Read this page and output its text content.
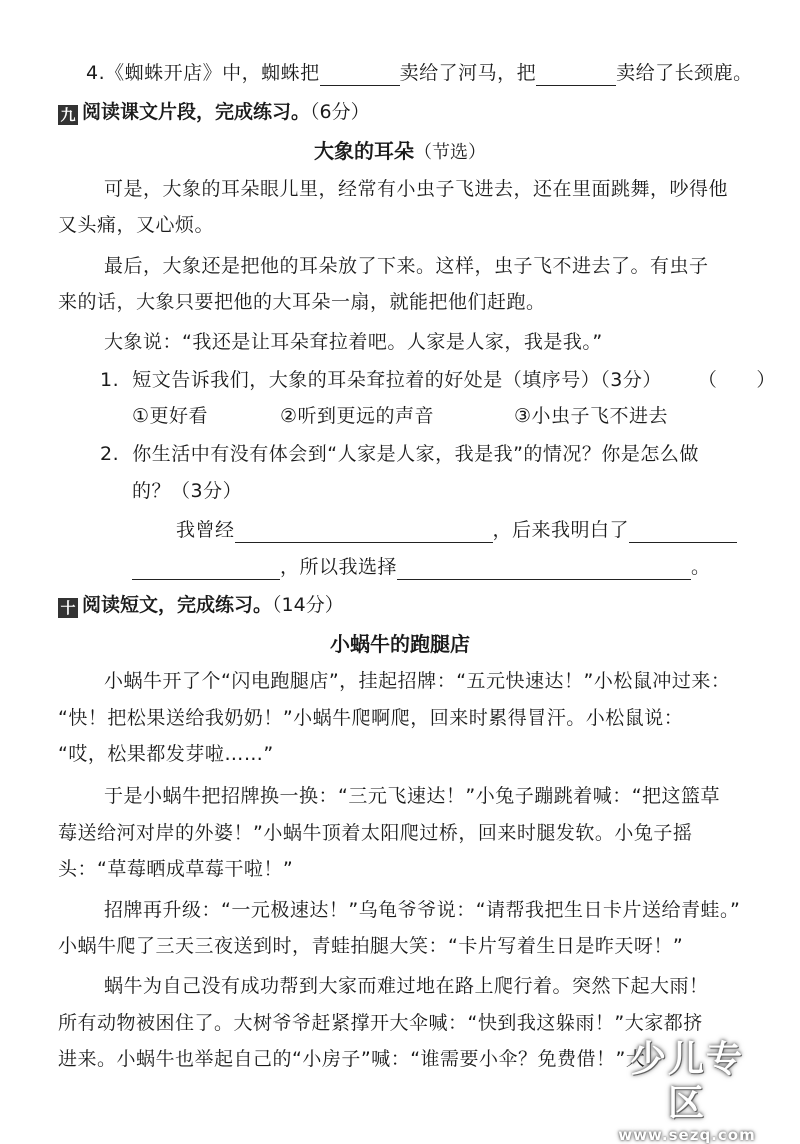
4.《蜘蛛开店》中，蜘蛛把	卖给了河马，把	卖给了长颈鹿。
九 阅读课文片段，完成练习。（6分）
大象的耳朵（节选）
可是，大象的耳朵眼儿里，经常有小虫子飞进去，还在里面跳舞，吵得他
又头痛，又心烦。
最后，大象还是把他的耳朵放了下来。这样，虫子飞不进去了。有虫子
来的话，大象只要把他的大耳朵一扇，就能把他们赶跑。
大象说：“我还是让耳朵耷拉着吧。人家是人家，我是我。”
1. 短文告诉我们，大象的耳朵耷拉着的好处是（填序号）（3分） （　　）
①更好看	②听到更远的声音	③小虫子飞不进去
2. 你生活中有没有体会到“人家是人家，我是我”的情况？你是怎么做
的？（3分）
我曾经	，后来我明白了
，所以我选择	。
十 阅读短文，完成练习。（14分）
小蜗牛的跑腿店
小蜗牛开了个“闪电跑腿店”，挂起招牌：“五元快速达！”小松鼠冲过来：
“快！把松果送给我奶奶！”小蜗牛爬啊爬，回来时累得冒汗。小松鼠说：
“哎，松果都发芽啦……”
于是小蜗牛把招牌换一换：“三元飞速达！”小兔子蹦跳着喊：“把这篮草
莓送给河对岸的外婆！”小蜗牛顶着太阳爬过桥，回来时腿发软。小兔子摇
头：“草莓晒成草莓干啦！”
招牌再升级：“一元极速达！”乌龟爷爷说：“请帮我把生日卡片送给青蛙。”
小蜗牛爬了三天三夜送到时，青蛙拍腿大笑：“卡片写着生日是昨天呀！”
蜗牛为自己没有成功帮到大家而难过地在路上爬行着。突然下起大雨！
所有动物被困住了。大树爷爷赶紧撑开大伞喊：“快到我这躲雨！”大家都挤
进来。小蜗牛也举起自己的“小房子”喊：“谁需要小伞？免费借！”大
少儿专区
www.sezq.com
